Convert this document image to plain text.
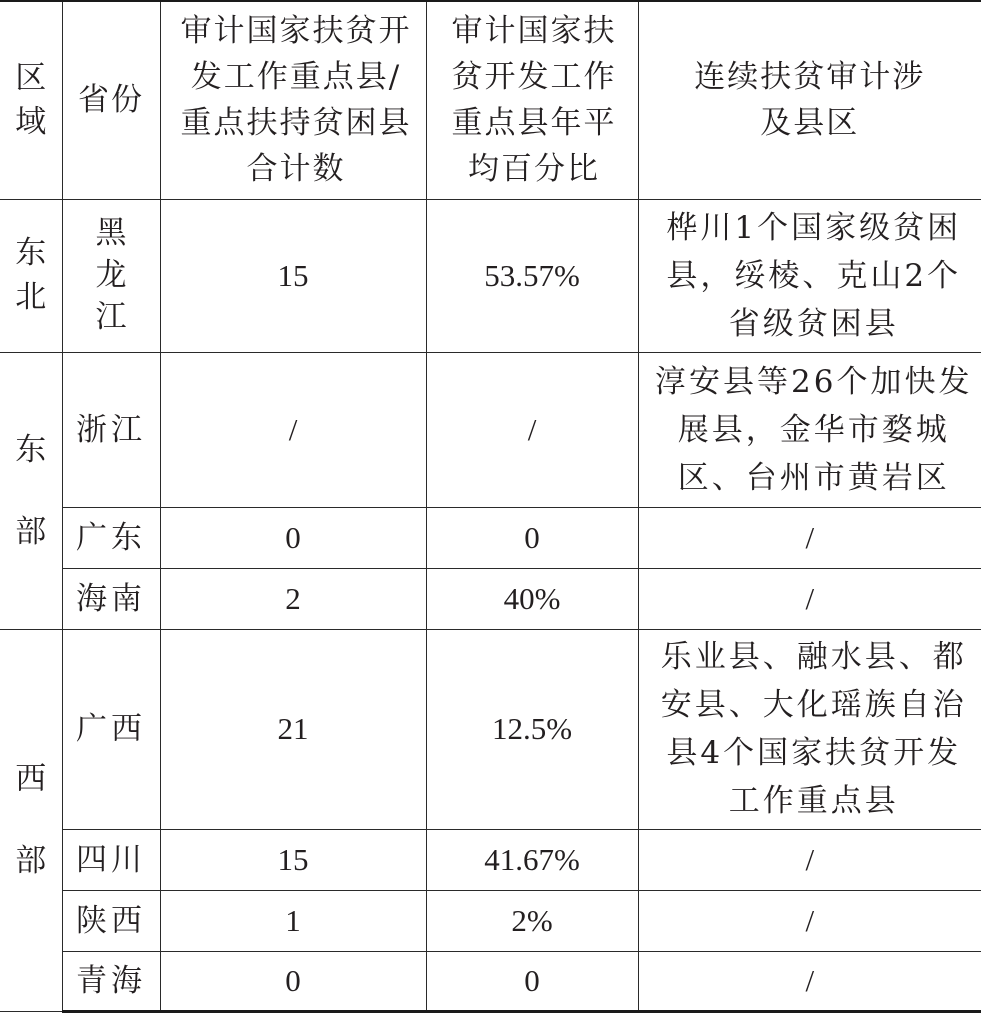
区域	省份	审计国家扶贫开发工作重点县/重点扶持贫困县合计数	审计国家扶贫开发工作重点县年平均百分比	连续扶贫审计涉及县区
东北	黑龙江	15	53.57%	桦川1个国家级贫困县，绥棱、克山2个省级贫困县
东部	浙江	/	/	淳安县等26个加快发展县，金华市婺城区、台州市黄岩区
	广东	0	0	/
	海南	2	40%	/
西部	广西	21	12.5%	乐业县、融水县、都安县、大化瑶族自治县4个国家扶贫开发工作重点县
	四川	15	41.67%	/
	陕西	1	2%	/
	青海	0	0	/
